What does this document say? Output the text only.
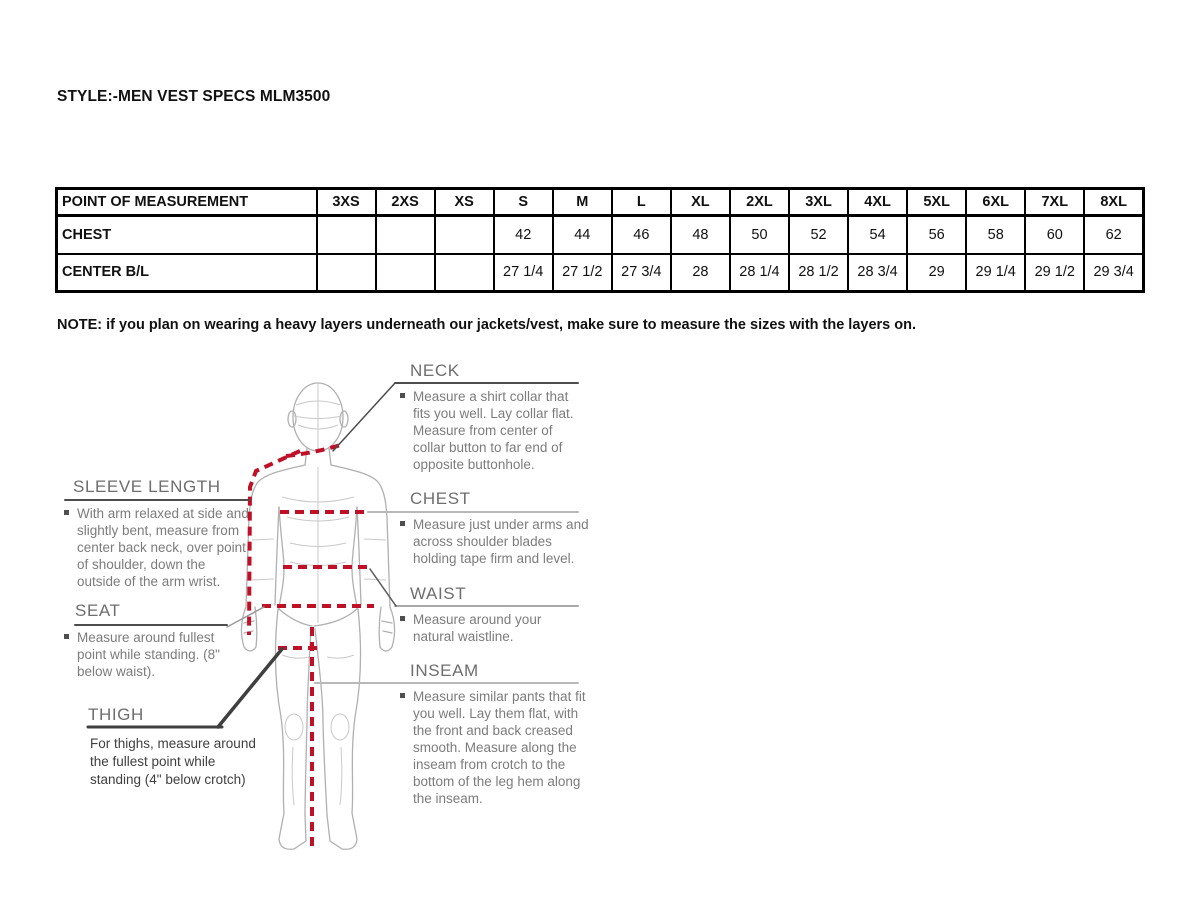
STYLE:-MEN VEST SPECS MLM3500
POINT OF MEASUREMENT	3XS	2XS	XS	S	M	L	XL	2XL	3XL	4XL	5XL	6XL	7XL	8XL
CHEST				42	44	46	48	50	52	54	56	58	60	62
CENTER B/L				27 1/4	27 1/2	27 3/4	28	28 1/4	28 1/2	28 3/4	29	29 1/4	29 1/2	29 3/4
NOTE: if you plan on wearing a heavy layers underneath our jackets/vest, make sure to measure the sizes with the layers on.
NECK
CHEST
WAIST
INSEAM
SLEEVE LENGTH
SEAT
THIGH
Measure a shirt collar that fits you well. Lay collar flat. Measure from center of collar button to far end of opposite buttonhole.
Measure just under arms and across shoulder blades holding tape firm and level.
Measure around your natural waistline.
Measure similar pants that fit you well. Lay them flat, with the front and back creased smooth. Measure along the inseam from crotch to the bottom of the leg hem along the inseam.
With arm relaxed at side and slightly bent, measure from center back neck, over point of shoulder, down the outside of the arm wrist.
Measure around fullest point while standing. (8" below waist).
For thighs, measure around the fullest point while standing (4" below crotch)
